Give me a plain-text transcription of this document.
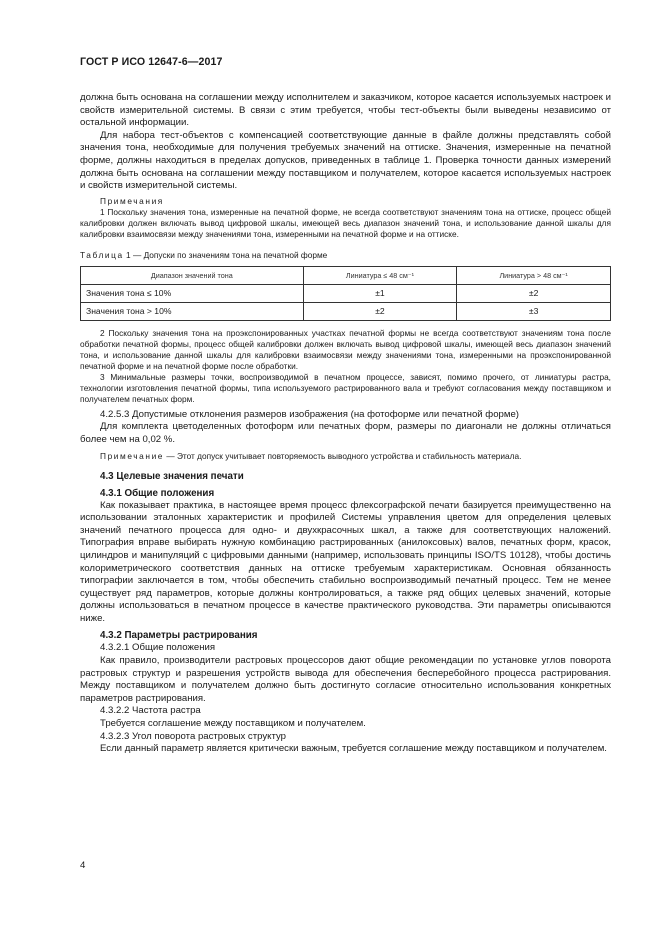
ГОСТ Р ИСО 12647-6—2017

должна быть основана на соглашении между исполнителем и заказчиком, которое касается используемых настроек и свойств измерительной системы. В связи с этим требуется, чтобы тест-объекты были выведены независимо от остальной информации.

Для набора тест-объектов с компенсацией соответствующие данные в файле должны представлять собой значения тона, необходимые для получения требуемых значений на оттиске. Значения, измеренные на печатной форме, должны находиться в пределах допусков, приведенных в таблице 1. Проверка точности данных измерений должна быть основана на соглашении между поставщиком и получателем, которое касается используемых настроек и свойств измерительной системы.

Примечания

1 Поскольку значения тона, измеренные на печатной форме, не всегда соответствуют значениям тона на оттиске, процесс общей калибровки должен включать вывод цифровой шкалы, имеющей весь диапазон значений тона, и использование данной шкалы для калибровки взаимосвязи между значениями тона, измеренными на печатной форме и на оттиске.

Таблица 1 — Допуски по значениям тона на печатной форме
Диапазон значений тона	Линиатура ≤ 48 см⁻¹	Линиатура > 48 см⁻¹
Значения тона ≤ 10%	±1	±2
Значения тона > 10%	±2	±3

2 Поскольку значения тона на проэкспонированных участках печатной формы не всегда соответствуют значениям тона после обработки печатной формы, процесс общей калибровки должен включать вывод цифровой шкалы, имеющей весь диапазон значений тона, и использование данной шкалы для калибровки взаимосвязи между значениями тона, измеренными на проэкспонированной печатной форме и на печатной форме после обработки.

3 Минимальные размеры точки, воспроизводимой в печатном процессе, зависят, помимо прочего, от линиатуры растра, технологии изготовления печатной формы, типа используемого растрированного вала и требуют согласования между поставщиком и получателем печатных форм.

4.2.5.3 Допустимые отклонения размеров изображения (на фотоформе или печатной форме)

Для комплекта цветоделенных фотоформ или печатных форм, размеры по диагонали не должны отличаться более чем на 0,02 %.

Примечание — Этот допуск учитывает повторяемость выводного устройства и стабильность материала.

4.3 Целевые значения печати
4.3.1 Общие положения

Как показывает практика, в настоящее время процесс флексографской печати базируется преимущественно на использовании эталонных характеристик и профилей Системы управления цветом для определения целевых значений печатного процесса для одно- и двухкрасочных шкал, а также для соответствующих наложений. Типография вправе выбирать нужную комбинацию растрированных (анилоксовых) валов, печатных форм, красок, цилиндров и манипуляций с цифровыми данными (например, использовать принципы ISO/TS 10128), чтобы достичь колориметрического соответствия данных на оттиске требуемым характеристикам. Основная обязанность типографии заключается в том, чтобы обеспечить стабильно воспроизводимый печатный процесс. Тем не менее существует ряд параметров, которые должны контролироваться, а также ряд общих целевых значений, которые должны использоваться в печатном процессе в качестве практического руководства. Эти параметры описываются ниже.

4.3.2 Параметры растрирования

4.3.2.1 Общие положения

Как правило, производители растровых процессоров дают общие рекомендации по установке углов поворота растровых структур и разрешения устройств вывода для обеспечения бесперебойного процесса растрирования. Между поставщиком и получателем должно быть достигнуто согласие относительно использования конкретных параметров растрирования.

4.3.2.2 Частота растра

Требуется соглашение между поставщиком и получателем.

4.3.2.3 Угол поворота растровых структур

Если данный параметр является критически важным, требуется соглашение между поставщиком и получателем.

4
